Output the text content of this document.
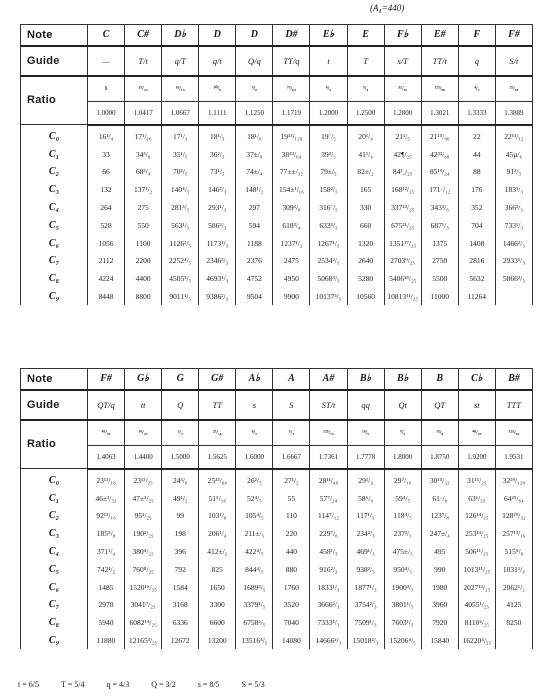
(A₄=440)
Note	C	C#	D♭	D	D	D#	E♭	E	F♭	E#	F	F#
Guide	—	T/t	q/T	q/t	Q/q	TT/q	t	T	s/T	TT/t	q	S/t
Ratio	1	²⁵/₂₄	¹⁶/₁₅	¹⁰/₉	⁹/₈	⁷⁵/₆₄	⁶/₅	⁵/₄	³²/₂₅	¹²⁵/₉₆	⁴/₃	²⁵/₁₈
	1.0000	1.0417	1.0667	1.1111	1.1250	1.1719	1.2000	1.2500	1.2800	1.3021	1.3333	1.3889
C₀	16¹/₄	17¹/₁₆	17¹/₃	18¹/₃	18¹/₈	19¹³/₁₂₈	19´/₅	20¹/₄	21¹/₅	21¹⁵/₉₆	22	22¹¹/₁₂
C₁	33	34³/₈	35¹/₅	36²/₃	37±/₈	38⁴³/₆₄	39³/₅	41¹/₄	42¶/₂₅	42³³/₄₈	44	45µ/₆
C₂	66	68³/₄	70²/₅	73¹/₃	74±/₄	77±±/₃₂	79±/₅	82±/₂	84¹¸/₂₅	85¹⁹/₂₄	88	91²/₃
C₃	132	137¹/₂	140⁴/₅	146²/₃	148¹/₂	154±¹/₁₆	158²/₅	165	168¹²/₂₅	171·/₁₂	176	183¹/₃
C₄	264	275	281³/₅	293¹/₃	297	309³/₈	316´/₅	330	337²³/₂₅	343³/₆	352	366²/₃
C₅	528	550	563¹/₅	586²/₃	594	618³/₄	633³/₅	660	675²¹/₂₅	687¹/₃	704	733¹/₃
C₆	1056	1100	1126²/₅	1173¹/₃	1188	1237¹/₂	1267¹/₅	1320	1351¹⁷/₂₅	1375	1408	1466²/₃
C₇	2112	2200	2252⁴/₅	2346²/₃	2376	2475	2534²/₅	2640	2703⁹/₂₅	2750	2816	2933¹/₃
C₈	4224	4400	4505³/₅	4693¹/₃	4752	4950	5068⁴/₅	5280	5406¹⁸/₂₅	5500	5632	5866²/₃
C₉	8448	8800	9011¹/₅	9386²/₃	9504	9900	10137³/₅	10560	10813¹¹/₂₅	11000	11264	
Note	F#	G♭	G	G#	A♭	A	A#	B♭	B♭	B	C♭	B#
Guide	QT/q	tt	Q	TT	s	S	ST/t	qq	Qt	QT	st	TTT
Ratio	⁴⁵/₃₂	³⁶/₂₅	³/₂	²⁵/₁₆	⁸/₅	⁵/₃	¹²⁵/₇₂	¹⁶/₉	⁹/₅	¹⁵/₈	⁴⁸/₂₅	¹²⁵/₆₄
	1.4063	1.4400	1.5000	1.5625	1.6000	1.6667	1.7361	1.7778	1.8000	1.8750	1.9200	1.9531
C₀	23¹³/₁₆	23¹³/₂₅	24³/₈	25²³/₆₄	26²/₅	27¹/₂	28¹¹/₄₈	29¹/₃	29⁷/₁₀	30¹⁵/₃₂	31¹¹/₂₅	32²⁹/₁₂₈
C₁	46±³/₃₂	47±³/₂₅	49¹/₂	51⁵/₁₆	52⁴/₅	55	57⁷/₂₄	58⁶/₉	59⁴/₅	61·/₈	63¹/₂₅	64²⁹/₆₄
C₂	92¹³/₁₆	95¹/₂₅	99	103¹/₈	105⁴/₅	110	114⁷/₁₂	117¹/₃	118⁴/₅	123⁷/₈	126¹⁴/₂₅	128²⁹/₃₂
C₃	185⁵/₈	190²/₂₅	198	206¹/₄	211±/₅	220	229⁷/₆	234²/₃	237³/₅	247±/₄	253¹³/₂₅	257¹³/₁₆
C₄	371¹/₄	380⁴/₂₅	396	412±/₂	422⁴/₅	440	458¹/₃	469¹/₃	475±/₅	495	506¹¹/₂₅	515⁵/₈
C₅	742¹/₂	760⁸/₂₅	792	825	844⁴/₅	880	916²/₃	938²/₃	950⁴/₅	990	1013¹¹/₂₅	1031¹/₄
C₆	1485	1520¹⁶/₂₅	1584	1650	1689³/₅	1760	1833¹/₃	1877¹/₃	1900³/₅	1980	2027¹³/₂₅	2062¹/₂
C₇	2970	3041⁷/₂₅	3168	3300	3379¹/₅	3520	3666²/₃	3754²/₃	3801¹/₅	3960	4055¹/₂₅	4125
C₈	5940	6082¹⁴/₂₅	6336	6600	6758²/₅	7040	7333¹/₃	7509¹/₃	7603¹/₅	7920	8110²/₂₅	8250
C₉	11880	12165³/₂₅	12672	13200	13516⁴/₅	14080	14666²/₃	15018²/₃	15206⁴/₅	15840	16220⁴/₂₅	
t = 6/5	T = 5/4	q = 4/3	Q = 3/2	s = 8/5	S = 5/3
